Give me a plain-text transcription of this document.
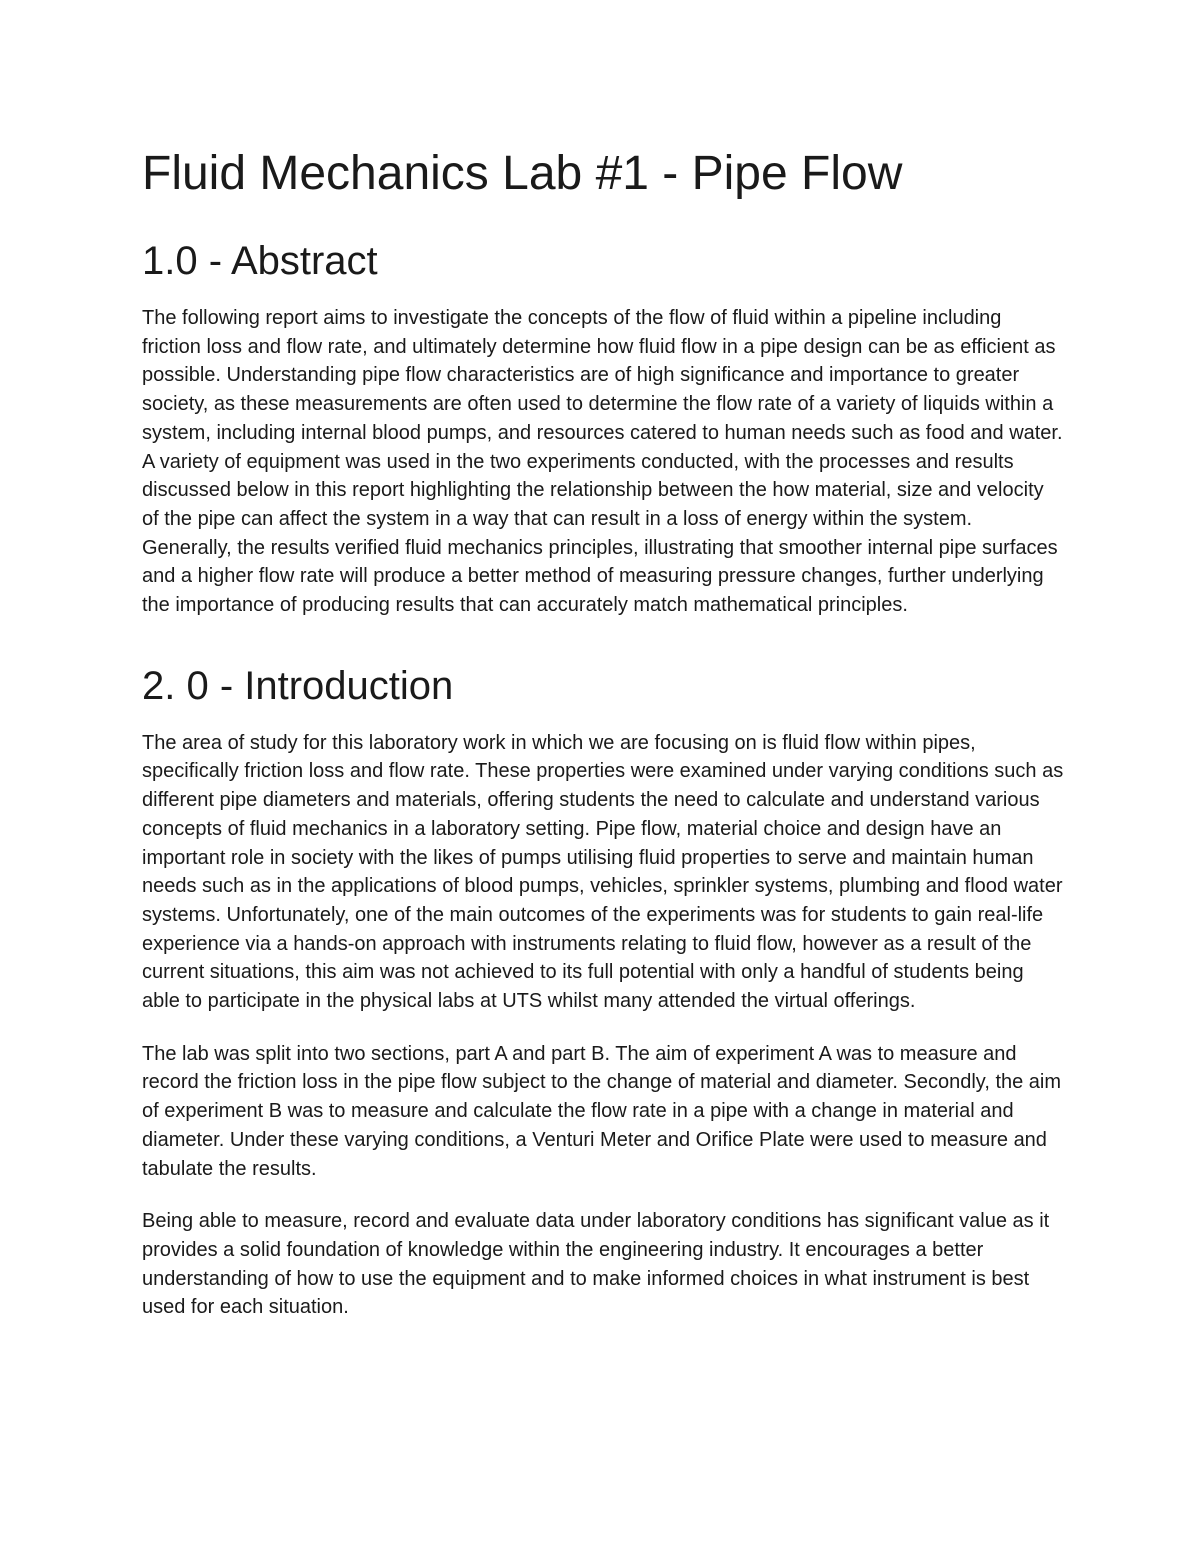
Fluid Mechanics Lab #1 - Pipe Flow
1.0 - Abstract

The following report aims to investigate the concepts of the flow of fluid within a pipeline including friction loss and flow rate, and ultimately determine how fluid flow in a pipe design can be as efficient as possible. Understanding pipe flow characteristics are of high significance and importance to greater society, as these measurements are often used to determine the flow rate of a variety of liquids within a system, including internal blood pumps, and resources catered to human needs such as food and water. A variety of equipment was used in the two experiments conducted, with the processes and results discussed below in this report highlighting the relationship between the how material, size and velocity of the pipe can affect the system in a way that can result in a loss of energy within the system. Generally, the results verified fluid mechanics principles, illustrating that smoother internal pipe surfaces and a higher flow rate will produce a better method of measuring pressure changes, further underlying the importance of producing results that can accurately match mathematical principles.

2. 0 - Introduction

The area of study for this laboratory work in which we are focusing on is fluid flow within pipes, specifically friction loss and flow rate. These properties were examined under varying conditions such as different pipe diameters and materials, offering students the need to calculate and understand various concepts of fluid mechanics in a laboratory setting. Pipe flow, material choice and design have an important role in society with the likes of pumps utilising fluid properties to serve and maintain human needs such as in the applications of blood pumps, vehicles, sprinkler systems, plumbing and flood water systems. Unfortunately, one of the main outcomes of the experiments was for students to gain real-life experience via a hands-on approach with instruments relating to fluid flow, however as a result of the current situations, this aim was not achieved to its full potential with only a handful of students being able to participate in the physical labs at UTS whilst many attended the virtual offerings.

The lab was split into two sections, part A and part B. The aim of experiment A was to measure and record the friction loss in the pipe flow subject to the change of material and diameter. Secondly, the aim of experiment B was to measure and calculate the flow rate in a pipe with a change in material and diameter. Under these varying conditions, a Venturi Meter and Orifice Plate were used to measure and tabulate the results.

Being able to measure, record and evaluate data under laboratory conditions has significant value as it provides a solid foundation of knowledge within the engineering industry. It encourages a better understanding of how to use the equipment and to make informed choices in what instrument is best used for each situation.
